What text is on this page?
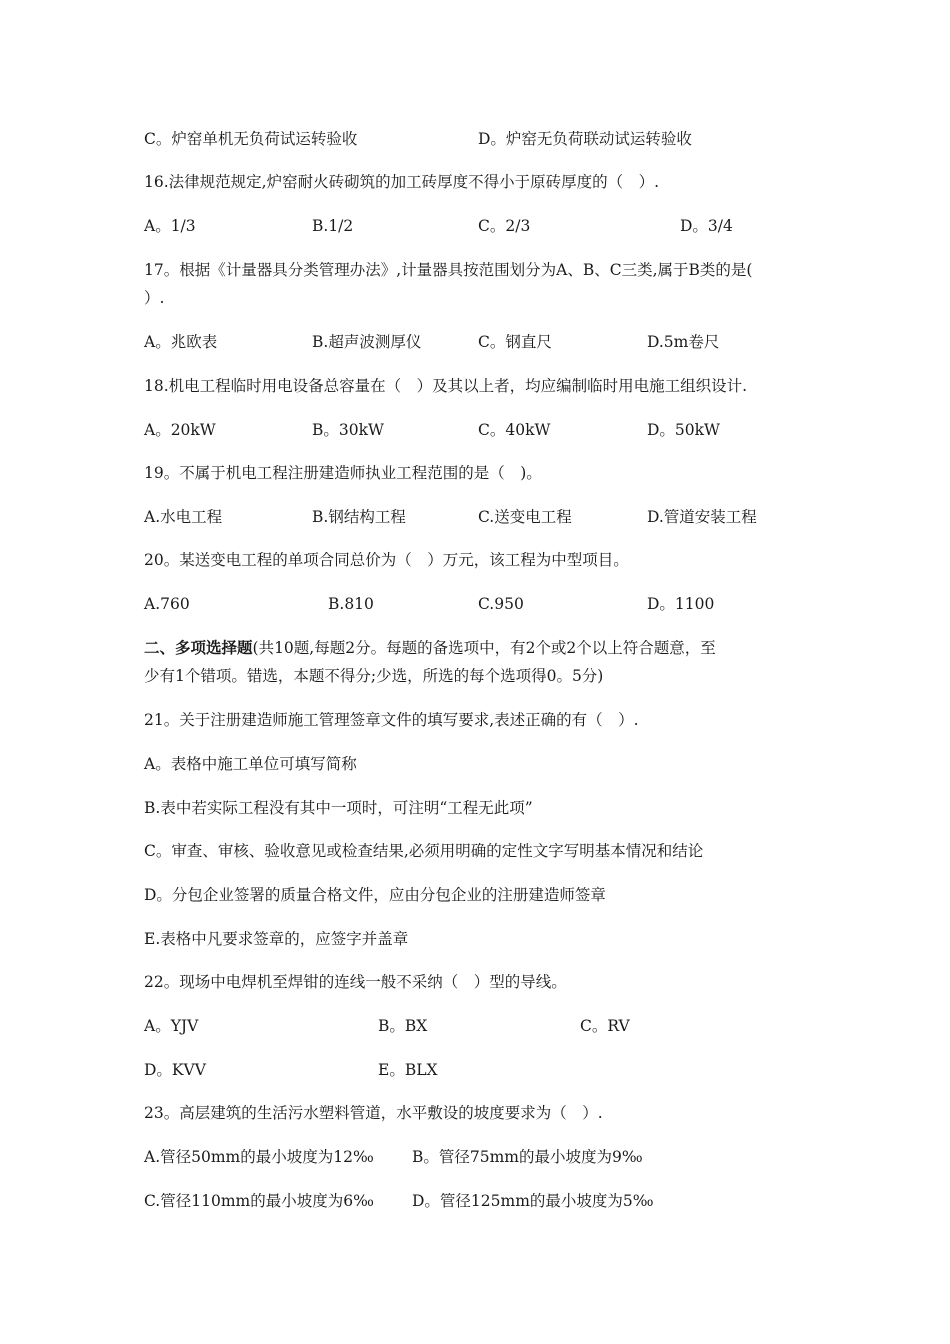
C。炉窑单机无负荷试运转验收	D。炉窑无负荷联动试运转验收
16.法律规范规定,炉窑耐火砖砌筑的加工砖厚度不得小于原砖厚度的（　）.
A。1/3	B.1/2	C。2/3	D。3/4
17。根据《计量器具分类管理办法》,计量器具按范围划分为A、B、C三类,属于B类的是(
）.
A。兆欧表	B.超声波测厚仪	C。钢直尺	D.5m卷尺
18.机电工程临时用电设备总容量在（　）及其以上者，均应编制临时用电施工组织设计.
A。20kW	B。30kW	C。40kW	D。50kW
19。不属于机电工程注册建造师执业工程范围的是（　)。
A.水电工程	B.钢结构工程	C.送变电工程	D.管道安装工程
20。某送变电工程的单项合同总价为（　）万元，该工程为中型项目。
A.760	B.810	C.950	D。1100
二、多项选择题(共10题,每题2分。每题的备选项中，有2个或2个以上符合题意，至
少有1个错项。错选，本题不得分;少选，所选的每个选项得0。5分)
21。关于注册建造师施工管理签章文件的填写要求,表述正确的有（　）.
A。表格中施工单位可填写简称
B.表中若实际工程没有其中一项时，可注明“工程无此项”
C。审查、审核、验收意见或检查结果,必须用明确的定性文字写明基本情况和结论
D。分包企业签署的质量合格文件，应由分包企业的注册建造师签章
E.表格中凡要求签章的，应签字并盖章
22。现场中电焊机至焊钳的连线一般不采纳（　）型的导线。
A。YJV	B。BX	C。RV
D。KVV	E。BLX
23。高层建筑的生活污水塑料管道，水平敷设的坡度要求为（　）.
A.管径50mm的最小坡度为12‰ B。管径75mm的最小坡度为9‰
C.管径110mm的最小坡度为6‰ D。管径125mm的最小坡度为5‰
